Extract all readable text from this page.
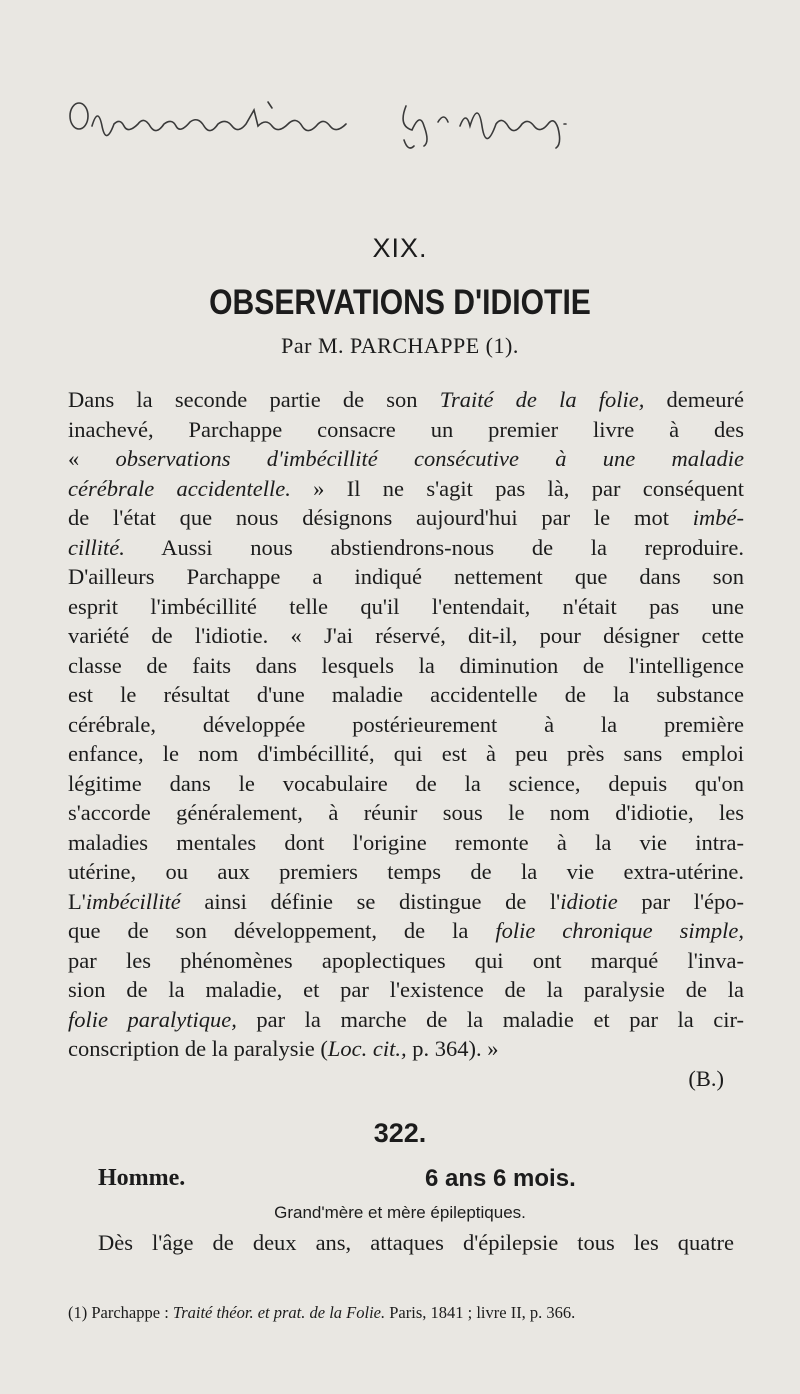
XIX.
OBSERVATIONS D'IDIOTIE
Par M. PARCHAPPE (1).
Dans la seconde partie de son Traité de la folie, demeuré
inachevé, Parchappe consacre un premier livre à des
« observations d'imbécillité consécutive à une maladie
cérébrale accidentelle. » Il ne s'agit pas là, par conséquent
de l'état que nous désignons aujourd'hui par le mot imbé-
cillité. Aussi nous abstiendrons-nous de la reproduire.
D'ailleurs Parchappe a indiqué nettement que dans son
esprit l'imbécillité telle qu'il l'entendait, n'était pas une
variété de l'idiotie. « J'ai réservé, dit-il, pour désigner cette
classe de faits dans lesquels la diminution de l'intelligence
est le résultat d'une maladie accidentelle de la substance
cérébrale, développée postérieurement à la première
enfance, le nom d'imbécillité, qui est à peu près sans emploi
légitime dans le vocabulaire de la science, depuis qu'on
s'accorde généralement, à réunir sous le nom d'idiotie, les
maladies mentales dont l'origine remonte à la vie intra-
utérine, ou aux premiers temps de la vie extra-utérine.
L'imbécillité ainsi définie se distingue de l'idiotie par l'épo-
que de son développement, de la folie chronique simple,
par les phénomènes apoplectiques qui ont marqué l'inva-
sion de la maladie, et par l'existence de la paralysie de la
folie paralytique, par la marche de la maladie et par la cir-
conscription de la paralysie (Loc. cit., p. 364). »
(B.)
322.
Homme.	6 ans 6 mois.
Grand'mère et mère épileptiques.
Dès l'âge de deux ans, attaques d'épilepsie tous les quatre
(1) Parchappe : Traité théor. et prat. de la Folie. Paris, 1841 ; livre II, p. 366.
